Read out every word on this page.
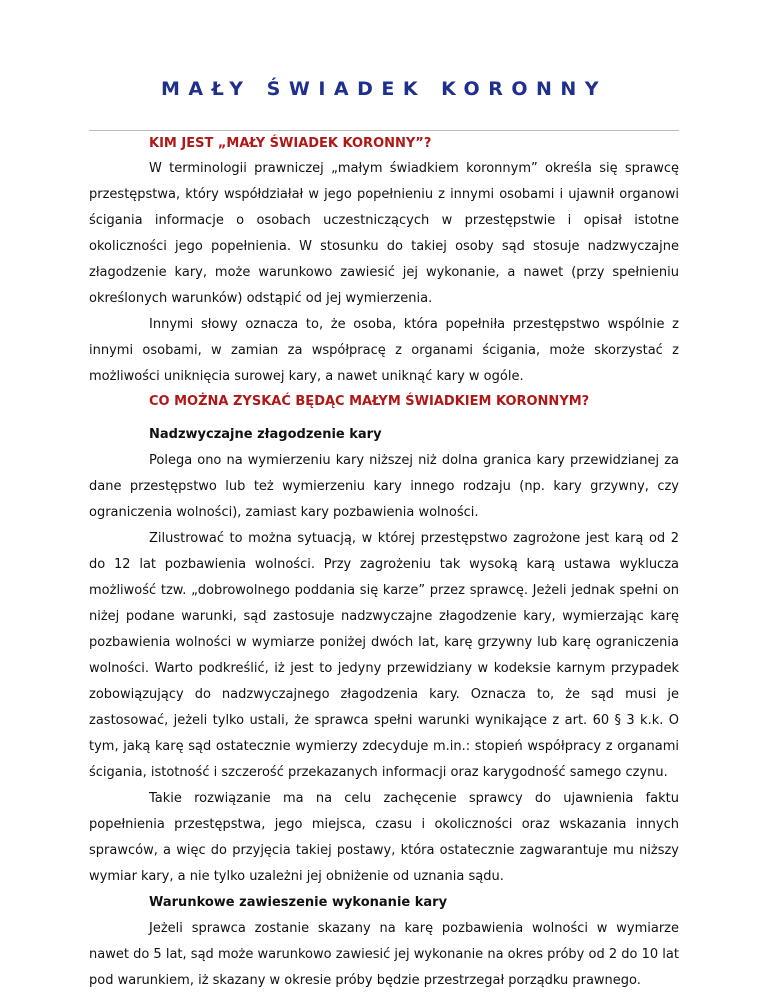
MAŁY ŚWIADEK KORONNY

KIM JEST „MAŁY ŚWIADEK KORONNY”?

W terminologii prawniczej „małym świadkiem koronnym” określa się sprawcę przestępstwa, który współdziałał w jego popełnieniu z innymi osobami i ujawnił organowi ścigania informacje o osobach uczestniczących w przestępstwie i opisał istotne okoliczności jego popełnienia. W stosunku do takiej osoby sąd stosuje nadzwyczajne złagodzenie kary, może warunkowo zawiesić jej wykonanie, a nawet (przy spełnieniu określonych warunków) odstąpić od jej wymierzenia.

Innymi słowy oznacza to, że osoba, która popełniła przestępstwo wspólnie z innymi osobami, w zamian za współpracę z organami ścigania, może skorzystać z możliwości uniknięcia surowej kary, a nawet uniknąć kary w ogóle.

CO MOŻNA ZYSKAĆ BĘDĄC MAŁYM ŚWIADKIEM KORONNYM?

Nadzwyczajne złagodzenie kary

Polega ono na wymierzeniu kary niższej niż dolna granica kary przewidzianej za dane przestępstwo lub też wymierzeniu kary innego rodzaju (np. kary grzywny, czy ograniczenia wolności), zamiast kary pozbawienia wolności.

Zilustrować to można sytuacją, w której przestępstwo zagrożone jest karą od 2 do 12 lat pozbawienia wolności. Przy zagrożeniu tak wysoką karą ustawa wyklucza możliwość tzw. „dobrowolnego poddania się karze” przez sprawcę. Jeżeli jednak spełni on niżej podane warunki, sąd zastosuje nadzwyczajne złagodzenie kary, wymierzając karę pozbawienia wolności w wymiarze poniżej dwóch lat, karę grzywny lub karę ograniczenia wolności. Warto podkreślić, iż jest to jedyny przewidziany w kodeksie karnym przypadek zobowiązujący do nadzwyczajnego złagodzenia kary. Oznacza to, że sąd musi je zastosować, jeżeli tylko ustali, że sprawca spełni warunki wynikające z art. 60 § 3 k.k. O tym, jaką karę sąd ostatecznie wymierzy zdecyduje m.in.: stopień współpracy z organami ścigania, istotność i szczerość przekazanych informacji oraz karygodność samego czynu.

Takie rozwiązanie ma na celu zachęcenie sprawcy do ujawnienia faktu popełnienia przestępstwa, jego miejsca, czasu i okoliczności oraz wskazania innych sprawców, a więc do przyjęcia takiej postawy, która ostatecznie zagwarantuje mu niższy wymiar kary, a nie tylko uzależni jej obniżenie od uznania sądu.

Warunkowe zawieszenie wykonanie kary

Jeżeli sprawca zostanie skazany na karę pozbawienia wolności w wymiarze nawet do 5 lat, sąd może warunkowo zawiesić jej wykonanie na okres próby od 2 do 10 lat pod warunkiem, iż skazany w okresie próby będzie przestrzegał porządku prawnego.
